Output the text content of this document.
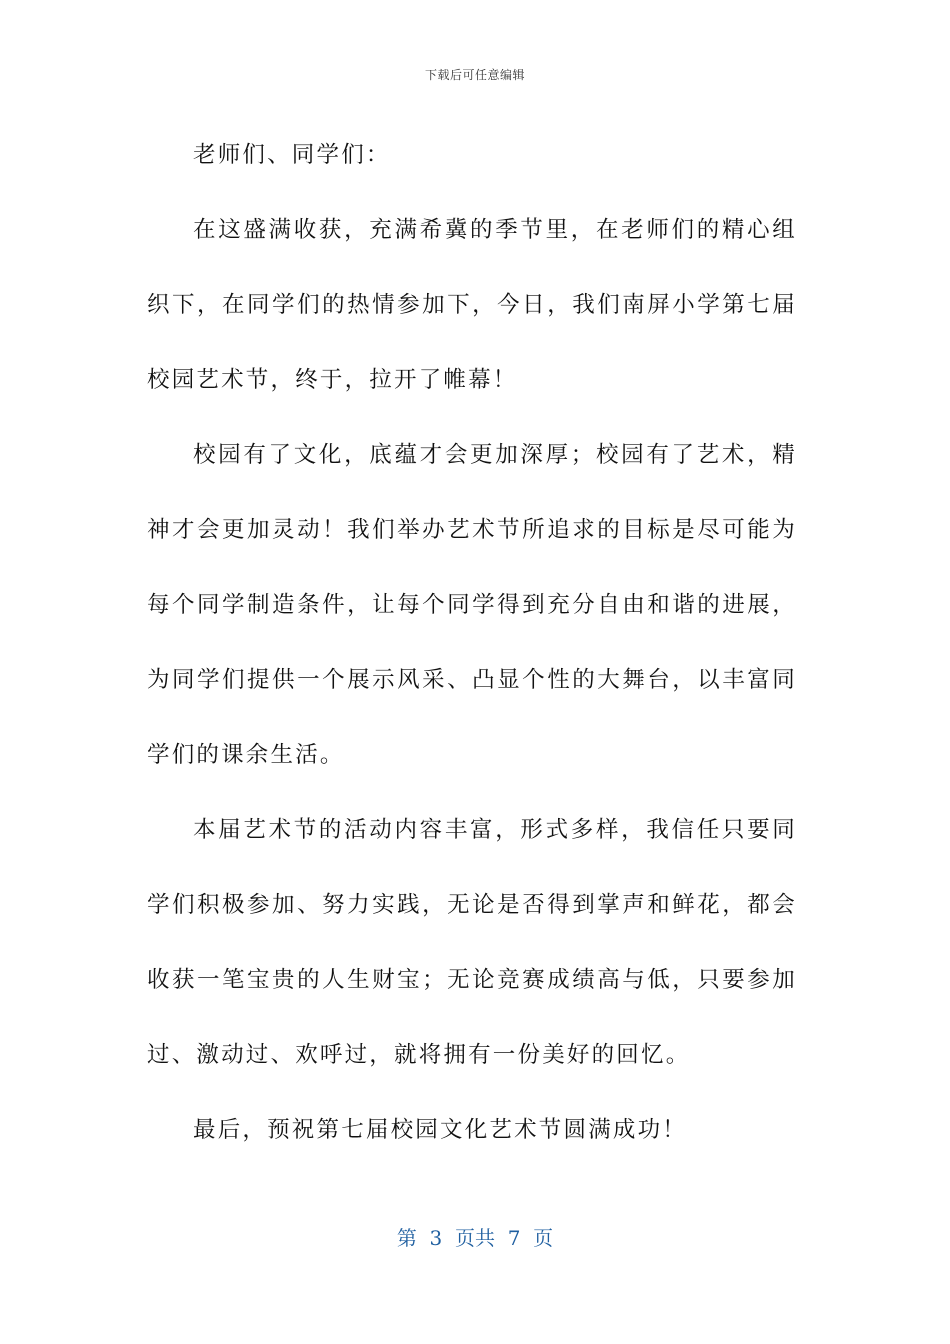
下载后可任意编辑

老师们、同学们：

在这盛满收获，充满希冀的季节里，在老师们的精心组织下，在同学们的热情参加下，今日，我们南屏小学第七届校园艺术节，终于，拉开了帷幕！

校园有了文化，底蕴才会更加深厚；校园有了艺术，精神才会更加灵动！我们举办艺术节所追求的目标是尽可能为每个同学制造条件，让每个同学得到充分自由和谐的进展，为同学们提供一个展示风采、凸显个性的大舞台，以丰富同学们的课余生活。

本届艺术节的活动内容丰富，形式多样，我信任只要同学们积极参加、努力实践，无论是否得到掌声和鲜花，都会收获一笔宝贵的人生财宝；无论竞赛成绩高与低，只要参加过、激动过、欢呼过，就将拥有一份美好的回忆。

最后，预祝第七届校园文化艺术节圆满成功！

第  3  页共  7  页
